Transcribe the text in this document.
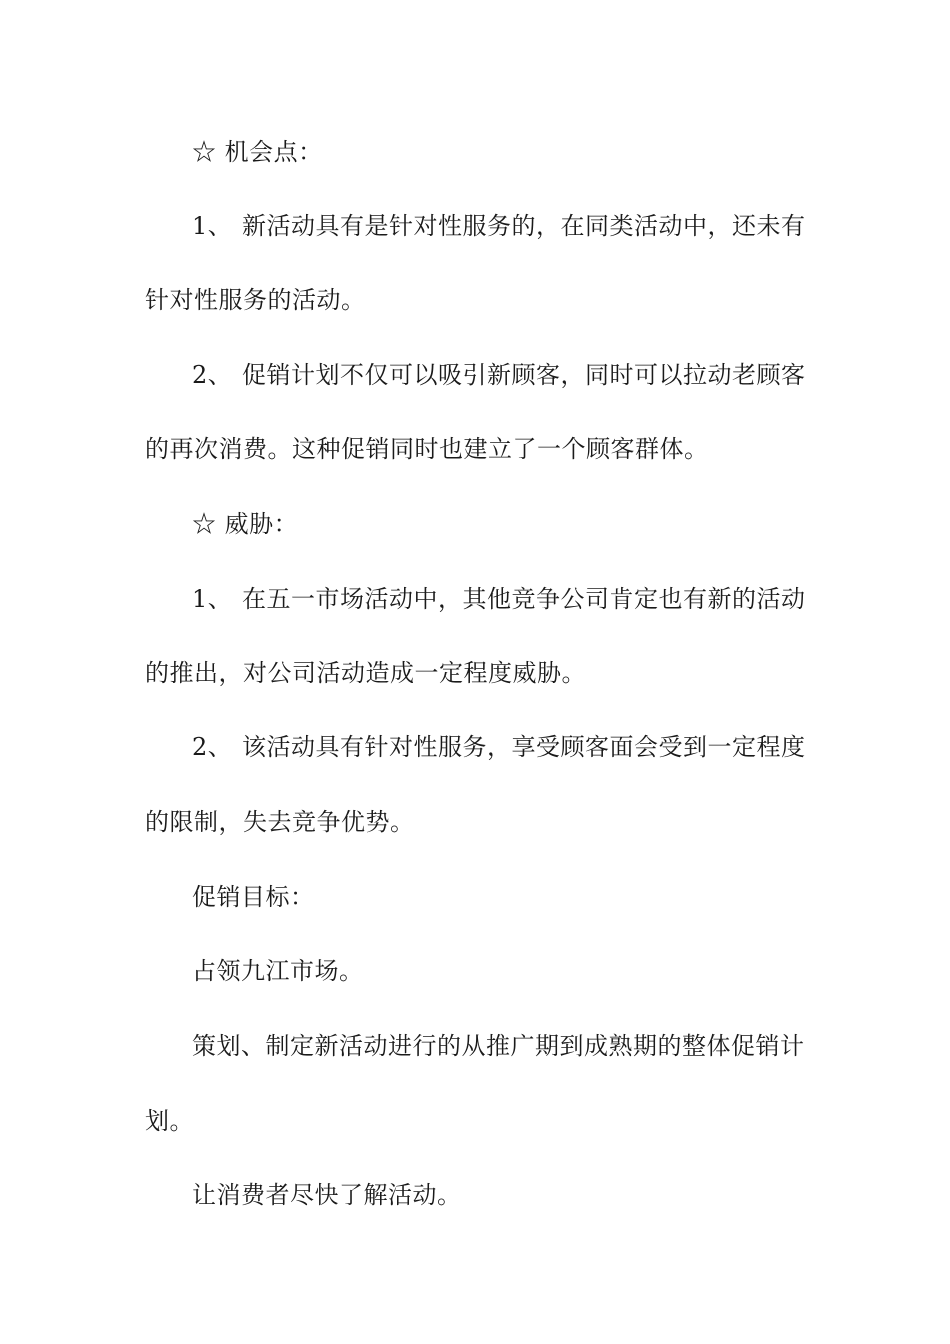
☆ 机会点：
1、 新活动具有是针对性服务的，在同类活动中，还未有
针对性服务的活动。
2、 促销计划不仅可以吸引新顾客，同时可以拉动老顾客
的再次消费。这种促销同时也建立了一个顾客群体。
☆ 威胁：
1、 在五一市场活动中，其他竞争公司肯定也有新的活动
的推出，对公司活动造成一定程度威胁。
2、 该活动具有针对性服务，享受顾客面会受到一定程度
的限制，失去竞争优势。
促销目标：
占领九江市场。
策划、制定新活动进行的从推广期到成熟期的整体促销计
划。
让消费者尽快了解活动。
